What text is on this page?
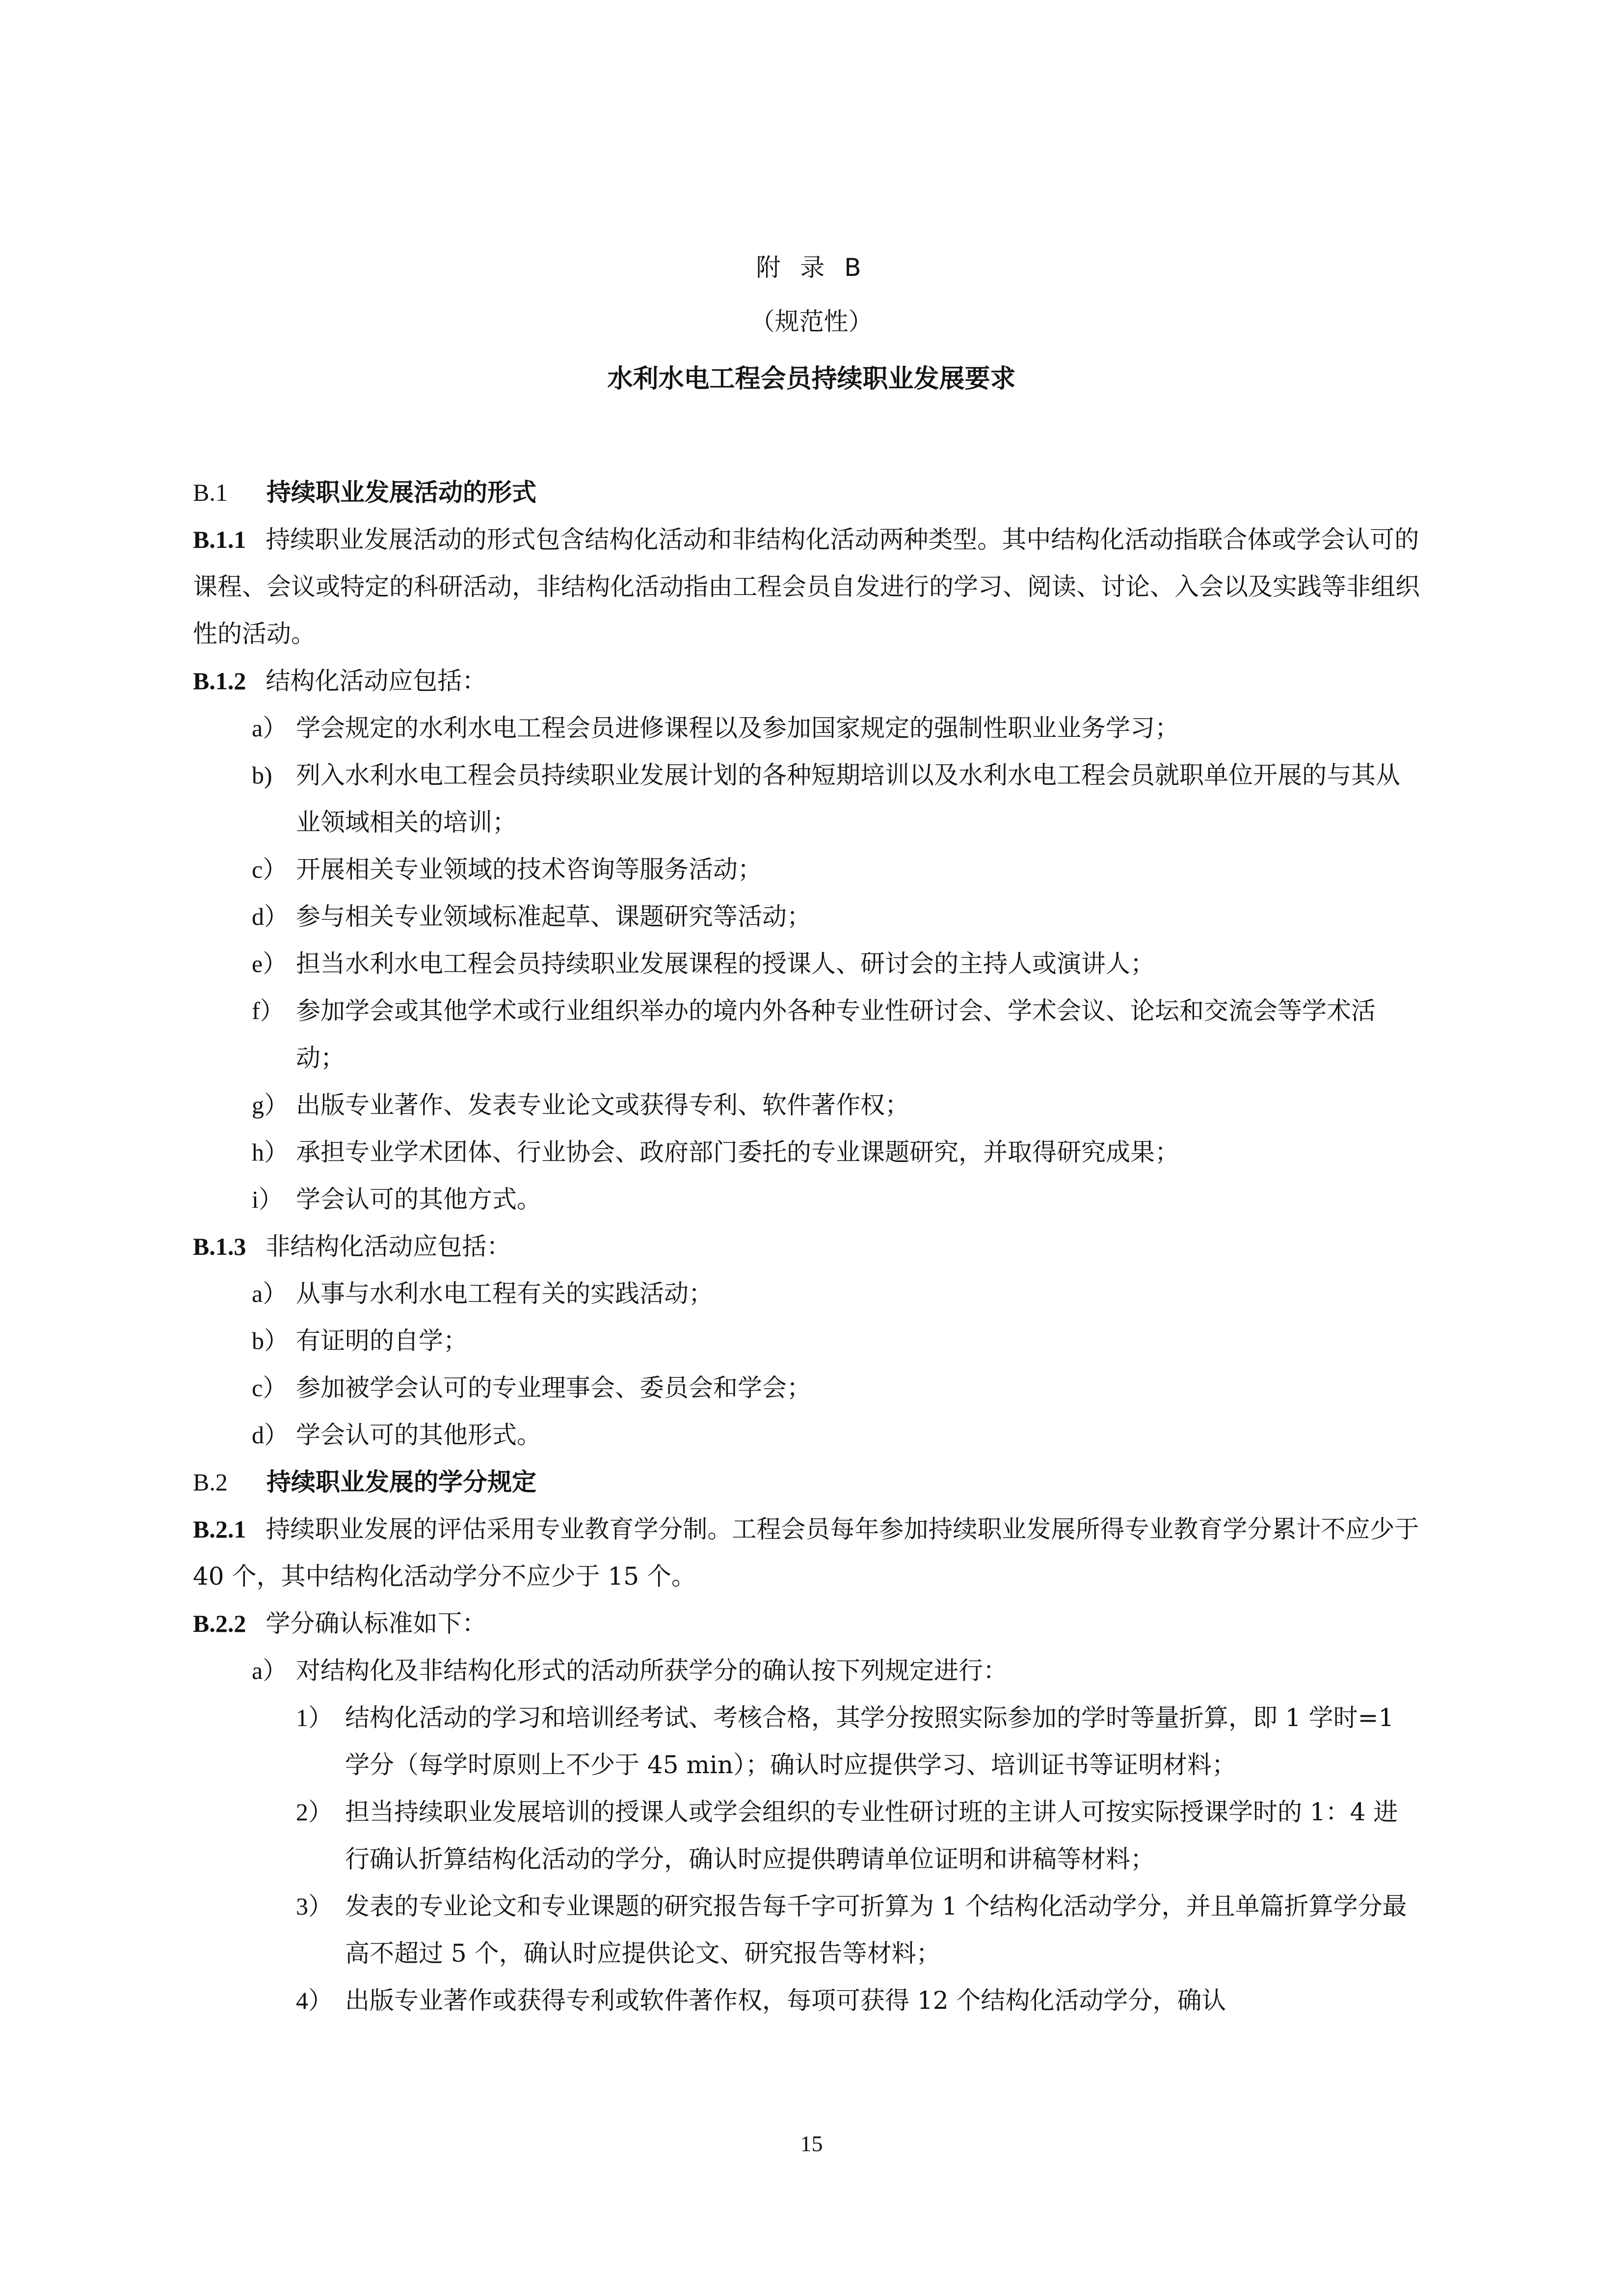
附 录 B
（规范性）
水利水电工程会员持续职业发展要求
B.1	持续职业发展活动的形式
B.1.1 持续职业发展活动的形式包含结构化活动和非结构化活动两种类型。其中结构化活动指联合体或学会认可的课程、会议或特定的科研活动，非结构化活动指由工程会员自发进行的学习、阅读、讨论、入会以及实践等非组织性的活动。
B.1.2 结构化活动应包括：
a） 学会规定的水利水电工程会员进修课程以及参加国家规定的强制性职业业务学习；
b) 列入水利水电工程会员持续职业发展计划的各种短期培训以及水利水电工程会员就职单位开展的与其从业领域相关的培训；
c） 开展相关专业领域的技术咨询等服务活动；
d） 参与相关专业领域标准起草、课题研究等活动；
e） 担当水利水电工程会员持续职业发展课程的授课人、研讨会的主持人或演讲人；
f） 参加学会或其他学术或行业组织举办的境内外各种专业性研讨会、学术会议、论坛和交流会等学术活动；
g） 出版专业著作、发表专业论文或获得专利、软件著作权；
h） 承担专业学术团体、行业协会、政府部门委托的专业课题研究，并取得研究成果；
i） 学会认可的其他方式。
B.1.3 非结构化活动应包括：
a） 从事与水利水电工程有关的实践活动；
b） 有证明的自学；
c） 参加被学会认可的专业理事会、委员会和学会；
d） 学会认可的其他形式。
B.2	持续职业发展的学分规定
B.2.1 持续职业发展的评估采用专业教育学分制。工程会员每年参加持续职业发展所得专业教育学分累计不应少于 40 个，其中结构化活动学分不应少于 15 个。
B.2.2 学分确认标准如下：
a） 对结构化及非结构化形式的活动所获学分的确认按下列规定进行：
1） 结构化活动的学习和培训经考试、考核合格，其学分按照实际参加的学时等量折算，即 1 学时=1 学分（每学时原则上不少于 45 min）；确认时应提供学习、培训证书等证明材料；
2） 担当持续职业发展培训的授课人或学会组织的专业性研讨班的主讲人可按实际授课学时的 1：4 进行确认折算结构化活动的学分，确认时应提供聘请单位证明和讲稿等材料；
3） 发表的专业论文和专业课题的研究报告每千字可折算为 1 个结构化活动学分，并且单篇折算学分最高不超过 5 个，确认时应提供论文、研究报告等材料；
4） 出版专业著作或获得专利或软件著作权，每项可获得 12 个结构化活动学分，确认
15
